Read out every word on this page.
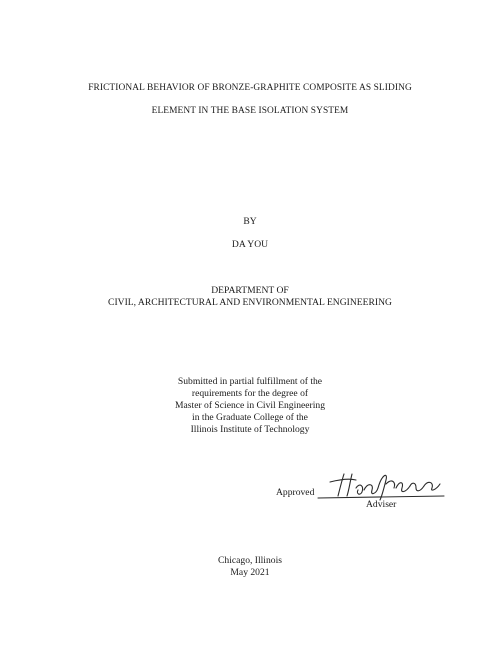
FRICTIONAL BEHAVIOR OF BRONZE-GRAPHITE COMPOSITE AS SLIDING
ELEMENT IN THE BASE ISOLATION SYSTEM
BY
DA YOU
DEPARTMENT OF
CIVIL, ARCHITECTURAL AND ENVIRONMENTAL ENGINEERING
Submitted in partial fulfillment of the
requirements for the degree of
Master of Science in Civil Engineering
in the Graduate College of the
Illinois Institute of Technology
Approved
Adviser
Chicago, Illinois
May 2021
